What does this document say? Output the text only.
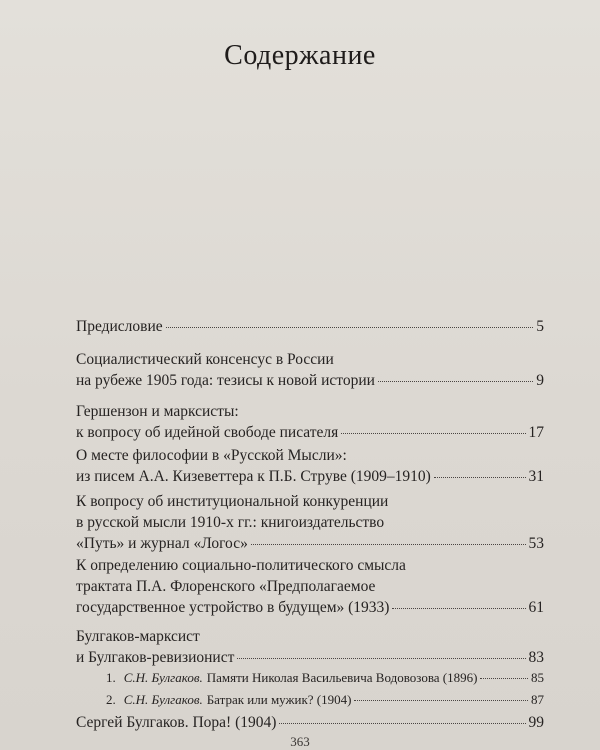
Содержание
Предисловие	5
Социалистический консенсус в России
на рубеже 1905 года: тезисы к новой истории	9
Гершензон и марксисты:
к вопросу об идейной свободе писателя	17
О месте философии в «Русской Мысли»:
из писем А.А. Кизеветтера к П.Б. Струве (1909–1910)	31
К вопросу об институциональной конкуренции
в русской мысли 1910-х гг.: книгоиздательство
«Путь» и журнал «Логос»	53
К определению социально-политического смысла
трактата П.А. Флоренского «Предполагаемое
государственное устройство в будущем» (1933)	61
Булгаков-марксист
и Булгаков-ревизионист	83
1. С.Н. Булгаков. Памяти Николая Васильевича Водовозова (1896)	85
2. С.Н. Булгаков. Батрак или мужик? (1904)	87
Сергей Булгаков. Пора! (1904)	99
363
